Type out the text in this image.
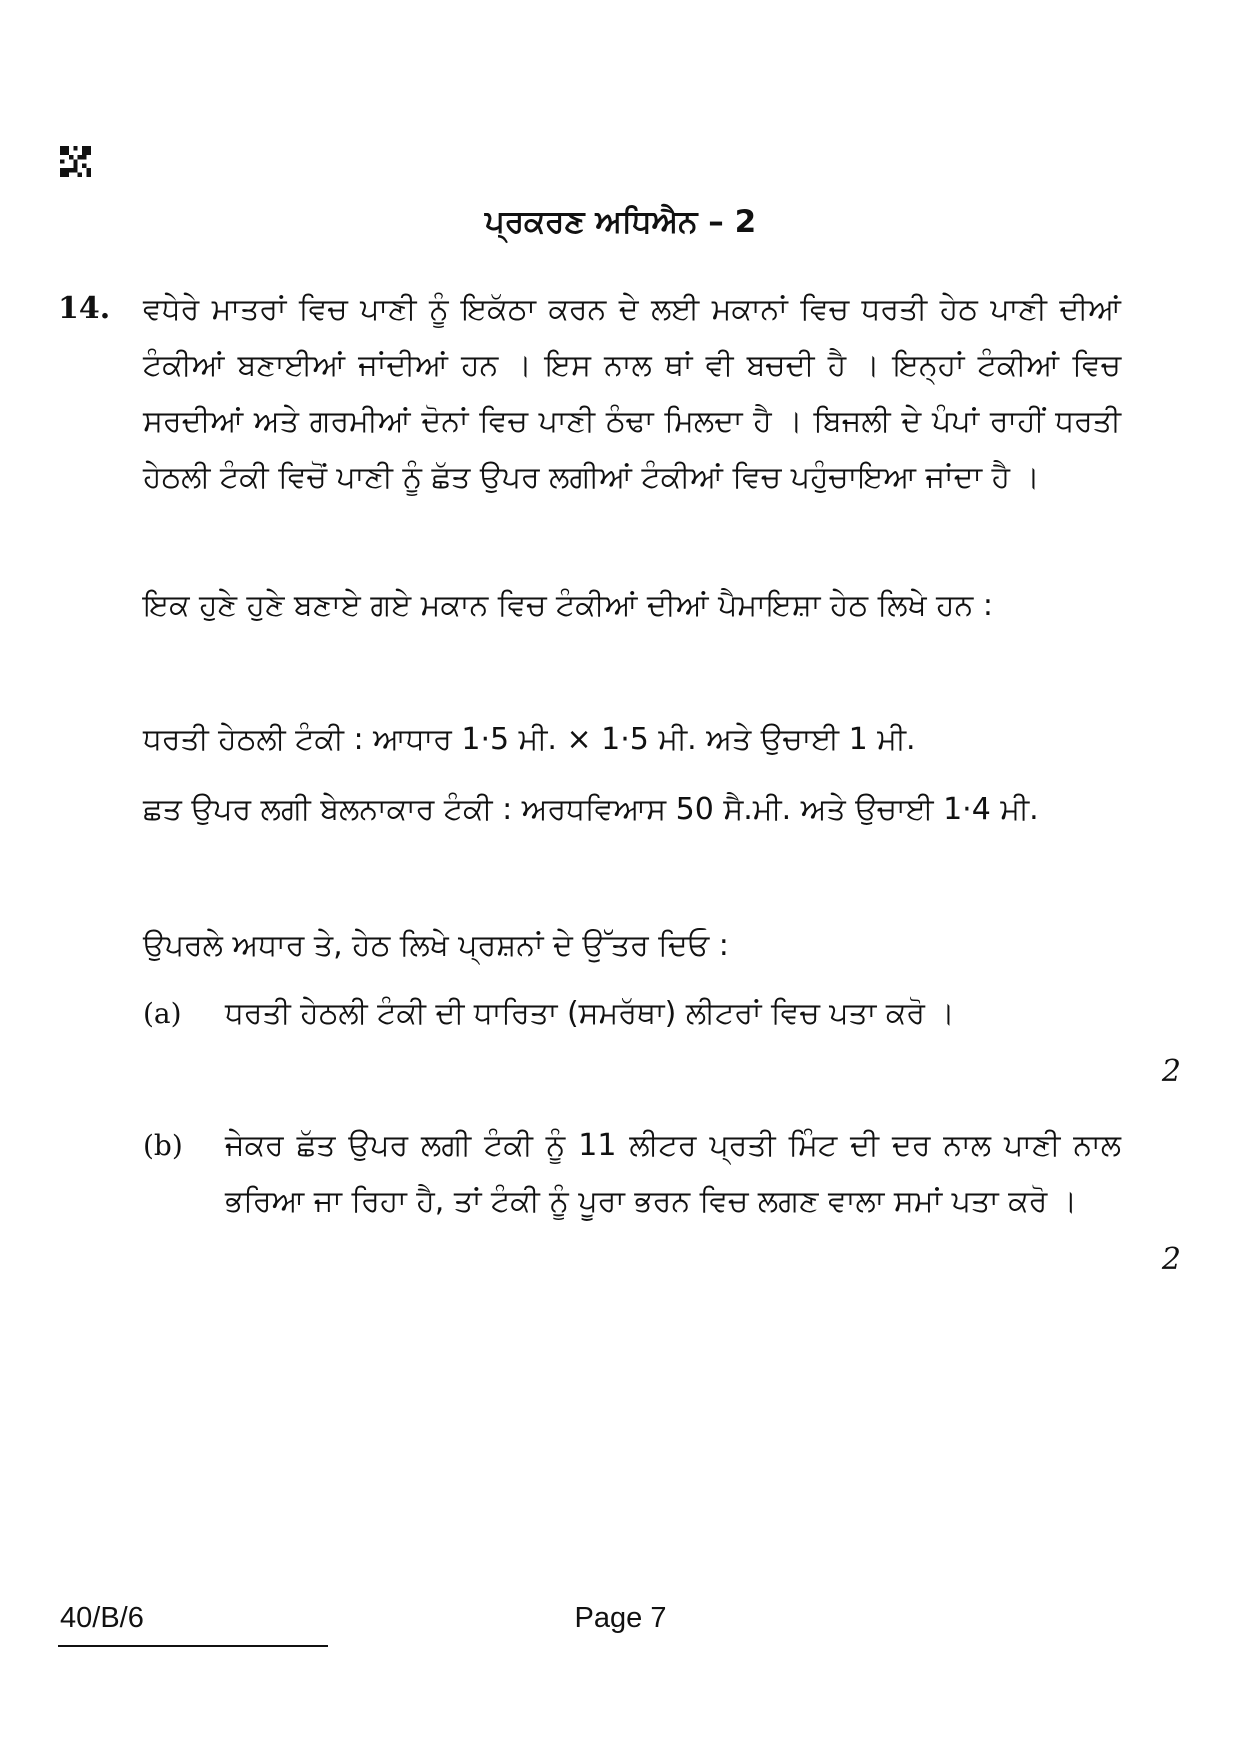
ਪ੍ਰਕਰਣ ਅਧਿਐਨ – 2
14. ਵਧੇਰੇ ਮਾਤਰਾਂ ਵਿਚ ਪਾਣੀ ਨੂੰ ਇਕੱਠਾ ਕਰਨ ਦੇ ਲਈ ਮਕਾਨਾਂ ਵਿਚ ਧਰਤੀ ਹੇਠ ਪਾਣੀ ਦੀਆਂ ਟੰਕੀਆਂ ਬਣਾਈਆਂ ਜਾਂਦੀਆਂ ਹਨ । ਇਸ ਨਾਲ ਥਾਂ ਵੀ ਬਚਦੀ ਹੈ । ਇਨ੍ਹਾਂ ਟੰਕੀਆਂ ਵਿਚ ਸਰਦੀਆਂ ਅਤੇ ਗਰਮੀਆਂ ਦੋਨਾਂ ਵਿਚ ਪਾਣੀ ਠੰਢਾ ਮਿਲਦਾ ਹੈ । ਬਿਜਲੀ ਦੇ ਪੰਪਾਂ ਰਾਹੀਂ ਧਰਤੀ ਹੇਠਲੀ ਟੰਕੀ ਵਿਚੋਂ ਪਾਣੀ ਨੂੰ ਛੱਤ ਉਪਰ ਲਗੀਆਂ ਟੰਕੀਆਂ ਵਿਚ ਪਹੁੰਚਾਇਆ ਜਾਂਦਾ ਹੈ ।

ਇਕ ਹੁਣੇ ਹੁਣੇ ਬਣਾਏ ਗਏ ਮਕਾਨ ਵਿਚ ਟੰਕੀਆਂ ਦੀਆਂ ਪੈਮਾਇਸ਼ਾ ਹੇਠ ਲਿਖੇ ਹਨ :

ਧਰਤੀ ਹੇਠਲੀ ਟੰਕੀ : ਆਧਾਰ 1·5 ਮੀ. × 1·5 ਮੀ. ਅਤੇ ਉਚਾਈ 1 ਮੀ.

ਛਤ ਉਪਰ ਲਗੀ ਬੇਲਨਾਕਾਰ ਟੰਕੀ : ਅਰਧਵਿਆਸ 50 ਸੈ.ਮੀ. ਅਤੇ ਉਚਾਈ 1·4 ਮੀ.

ਉਪਰਲੇ ਅਧਾਰ ਤੇ, ਹੇਠ ਲਿਖੇ ਪ੍ਰਸ਼ਨਾਂ ਦੇ ਉੱਤਰ ਦਿਓ :

(a) ਧਰਤੀ ਹੇਠਲੀ ਟੰਕੀ ਦੀ ਧਾਰਿਤਾ (ਸਮਰੱਥਾ) ਲੀਟਰਾਂ ਵਿਚ ਪਤਾ ਕਰੋ ।

2
(b) ਜੇਕਰ ਛੱਤ ਉਪਰ ਲਗੀ ਟੰਕੀ ਨੂੰ 11 ਲੀਟਰ ਪ੍ਰਤੀ ਮਿੰਟ ਦੀ ਦਰ ਨਾਲ ਪਾਣੀ ਨਾਲ ਭਰਿਆ ਜਾ ਰਿਹਾ ਹੈ, ਤਾਂ ਟੰਕੀ ਨੂੰ ਪੂਰਾ ਭਰਨ ਵਿਚ ਲਗਣ ਵਾਲਾ ਸਮਾਂ ਪਤਾ ਕਰੋ ।

2
40/B/6	Page 7
